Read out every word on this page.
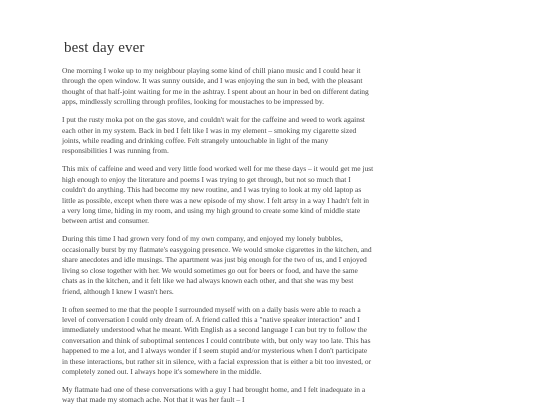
best day ever

One morning I woke up to my neighbour playing some kind of chill piano music and I could hear it through the open window. It was sunny outside, and I was enjoying the sun in bed, with the pleasant thought of that half-joint waiting for me in the ashtray. I spent about an hour in bed on different dating apps, mindlessly scrolling through profiles, looking for moustaches to be impressed by.

I put the rusty moka pot on the gas stove, and couldn't wait for the caffeine and weed to work against each other in my system. Back in bed I felt like I was in my element – smoking my cigarette sized joints, while reading and drinking coffee. Felt strangely untouchable in light of the many responsibilities I was running from.

This mix of caffeine and weed and very little food worked well for me these days – it would get me just high enough to enjoy the literature and poems I was trying to get through, but not so much that I couldn't do anything. This had become my new routine, and I was trying to look at my old laptop as little as possible, except when there was a new episode of my show. I felt artsy in a way I hadn't felt in a very long time, hiding in my room, and using my high ground to create some kind of middle state between artist and consumer.

During this time I had grown very fond of my own company, and enjoyed my lonely bubbles, occasionally burst by my flatmate's easygoing presence. We would smoke cigarettes in the kitchen, and share anecdotes and idle musings. The apartment was just big enough for the two of us, and I enjoyed living so close together with her. We would sometimes go out for beers or food, and have the same chats as in the kitchen, and it felt like we had always known each other, and that she was my best friend, although I knew I wasn't hers.

It often seemed to me that the people I surrounded myself with on a daily basis were able to reach a level of conversation I could only dream of. A friend called this a "native speaker interaction" and I immediately understood what he meant. With English as a second language I can but try to follow the conversation and think of suboptimal sentences I could contribute with, but only way too late. This has happened to me a lot, and I always wonder if I seem stupid and/or mysterious when I don't participate in these interactions, but rather sit in silence, with a facial expression that is either a bit too invested, or completely zoned out. I always hope it's somewhere in the middle.

My flatmate had one of these conversations with a guy I had brought home, and I felt inadequate in a way that made my stomach ache. Not that it was her fault – I
